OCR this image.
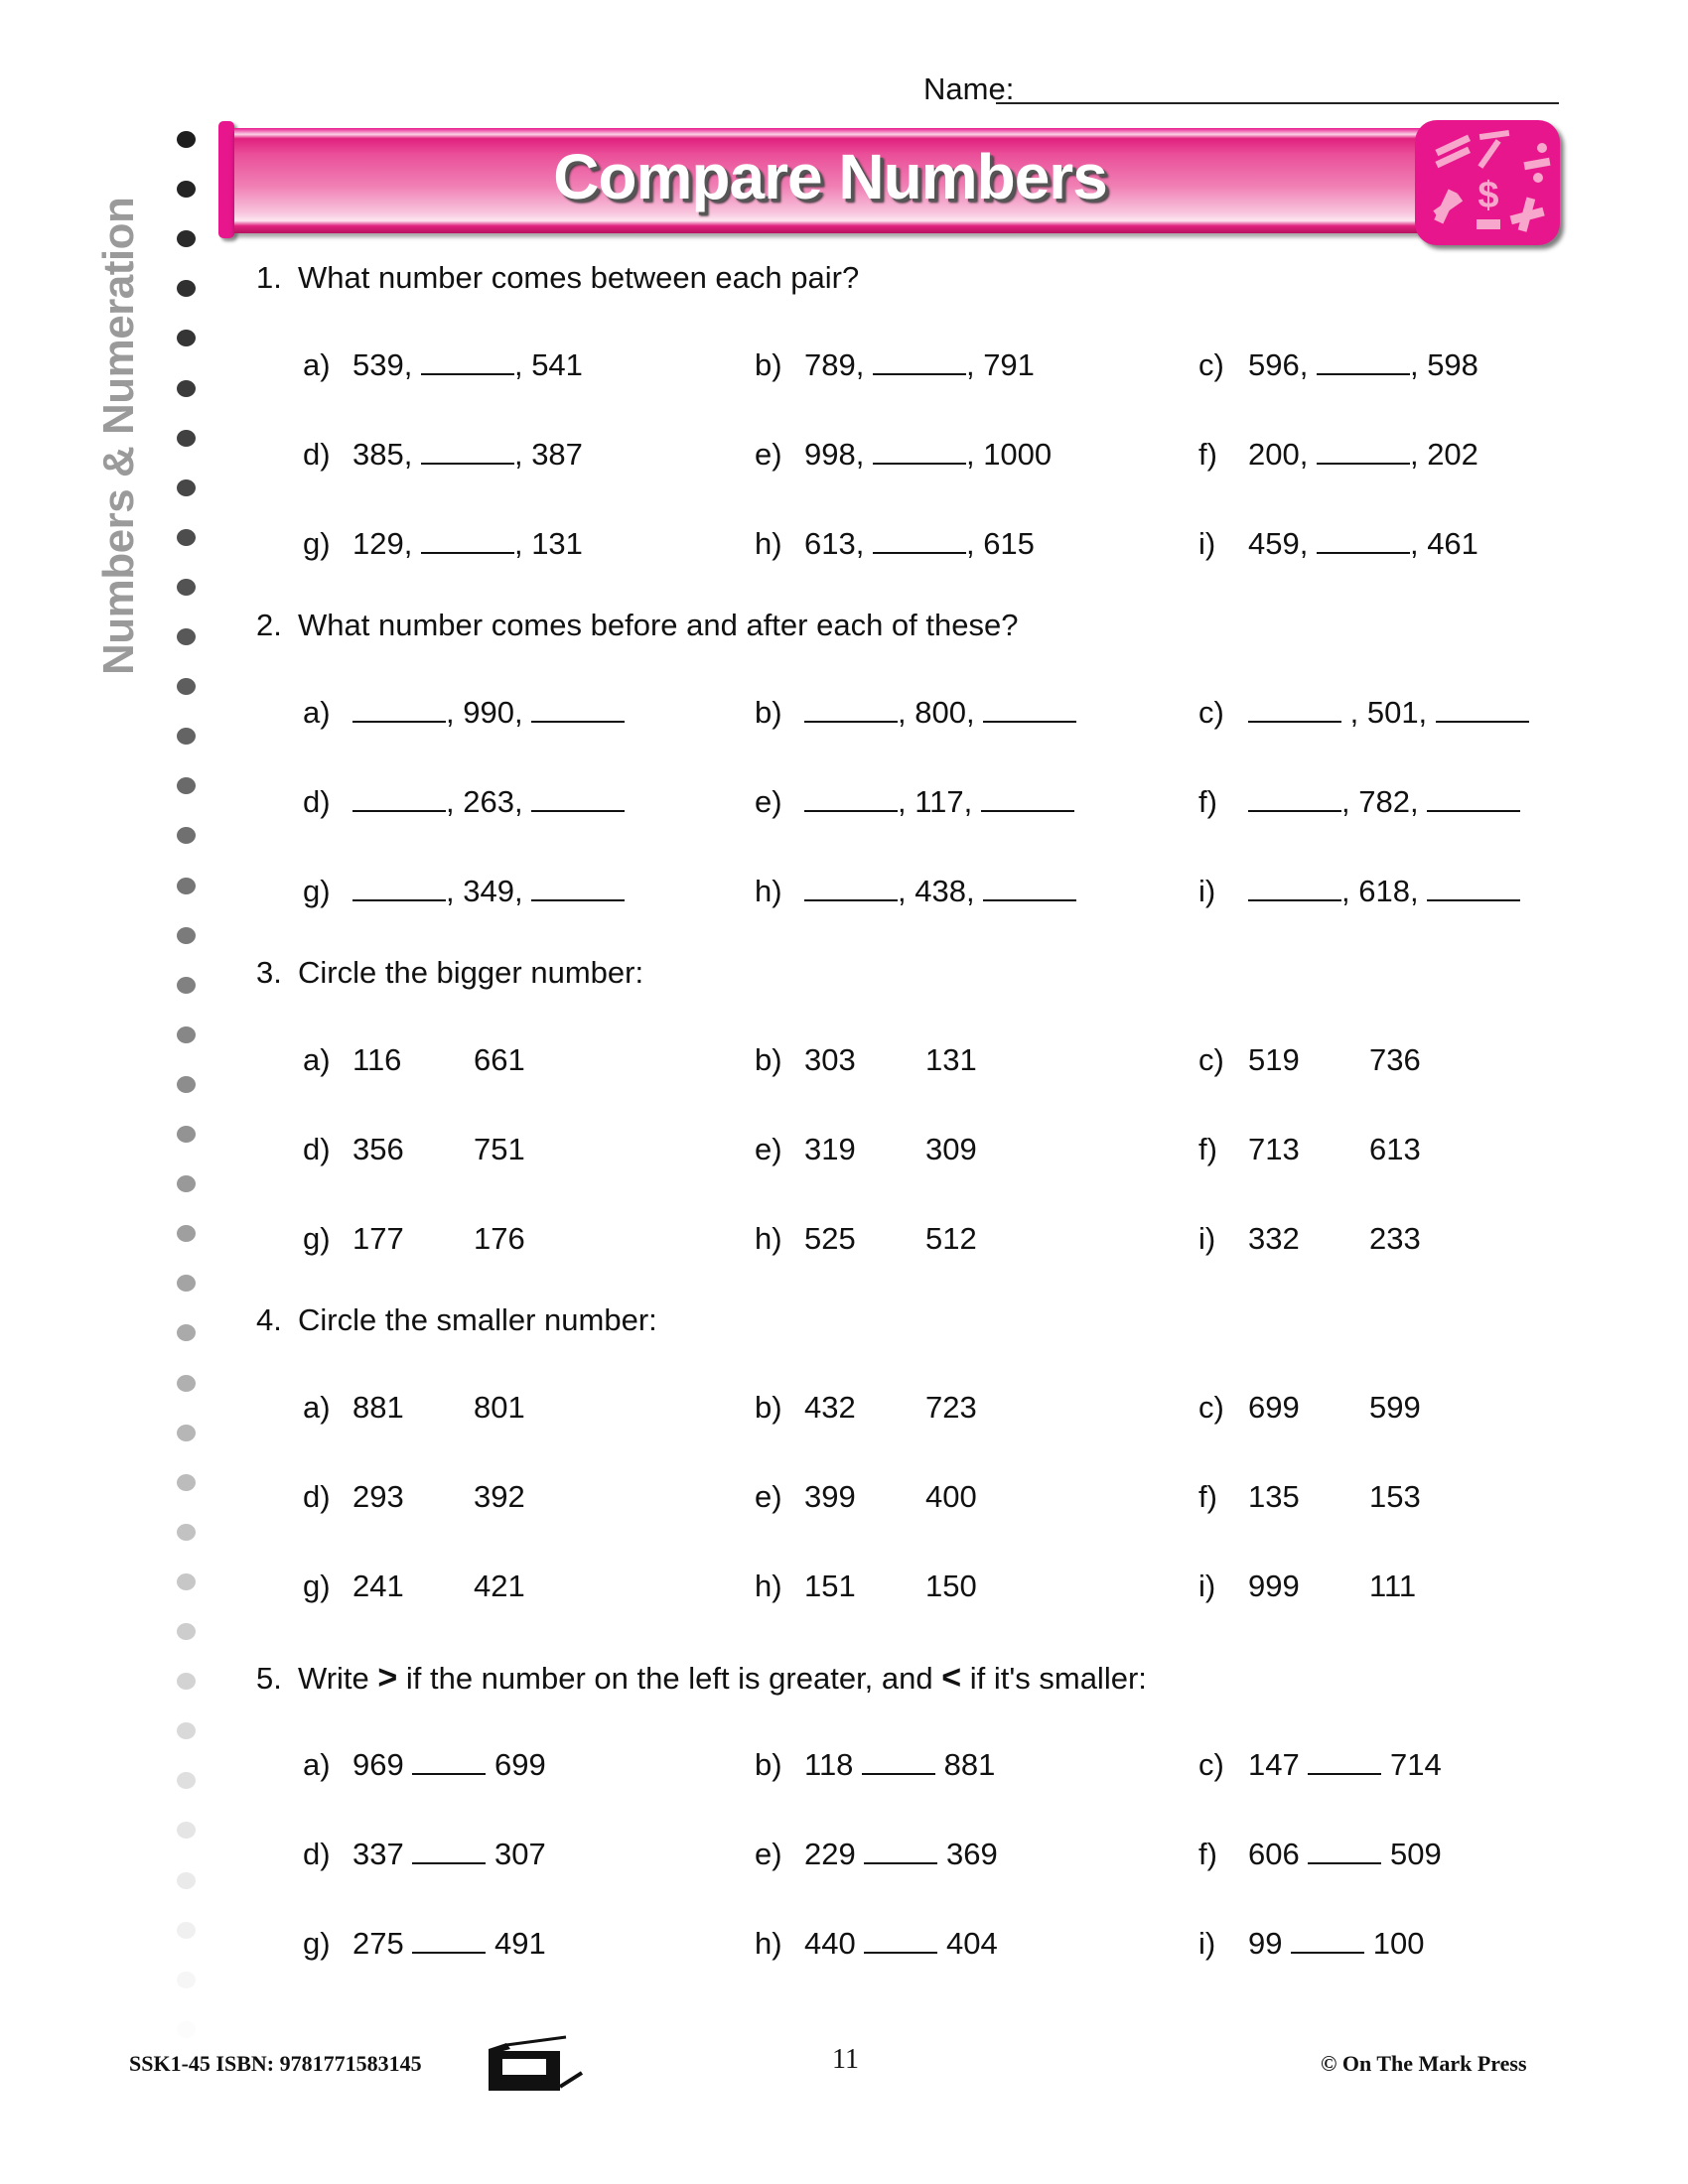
Name:
Compare Numbers	$
Numbers & Numeration	1. What number comes between each pair?
a) 539,	, 541	b) 789,	, 791	c) 596,	, 598
d) 385,	, 387	e) 998,	, 1000	f) 200,	, 202
g) 129,	, 131	h) 613,	, 615	i) 459,	, 461
2. What number comes before and after each of these?
a)	, 990,	b)	, 800,	c)	, 501,
d)	, 263,	e)	, 117,	f)	, 782,
g)	, 349,	h)	, 438,	i)	, 618,
3. Circle the bigger number:
a) 116 661	b) 303 131	c) 519 736
d) 356 751	e) 319 309	f) 713 613
g) 177 176	h) 525 512	i) 332 233
4. Circle the smaller number:
a) 881 801	b) 432 723	c) 699 599
d) 293 392	e) 399 400	f) 135 153
g) 241 421	h) 151 150	i) 999 111
5. Write > if the number on the left is greater, and < if it's smaller:
a) 969	699	b) 118	881	c) 147	714
d) 337	307	e) 229	369	f) 606	509
g) 275	491	h) 440	404	i) 99	100
SSK1-45 ISBN: 9781771583145	11	© On The Mark Press
